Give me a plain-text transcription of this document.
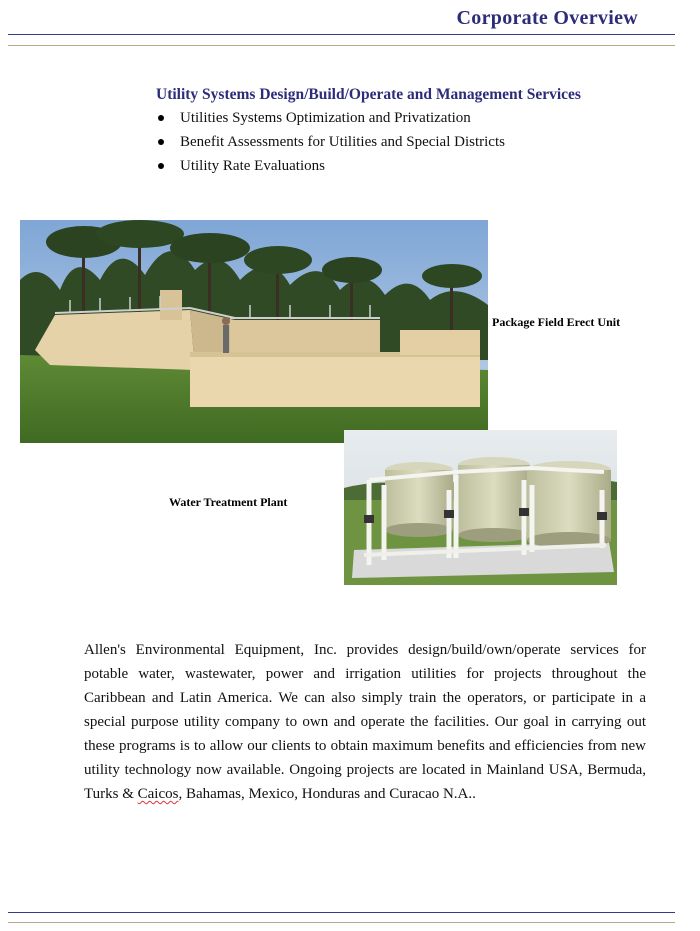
Corporate Overview
Utility Systems Design/Build/Operate and Management Services
Utilities Systems Optimization and Privatization
Benefit Assessments for Utilities and Special Districts
Utility Rate Evaluations
Package Field Erect Unit
Water Treatment Plant
Allen's Environmental Equipment, Inc. provides design/build/own/operate services for potable water, wastewater, power and irrigation utilities for projects throughout the Caribbean and Latin America. We can also simply train the operators, or participate in a special purpose utility company to own and operate the facilities. Our goal in carrying out these programs is to allow our clients to obtain maximum benefits and efficiencies from new utility technology now available. Ongoing projects are located in Mainland USA, Bermuda, Turks & Caicos, Bahamas, Mexico, Honduras and Curacao N.A..
